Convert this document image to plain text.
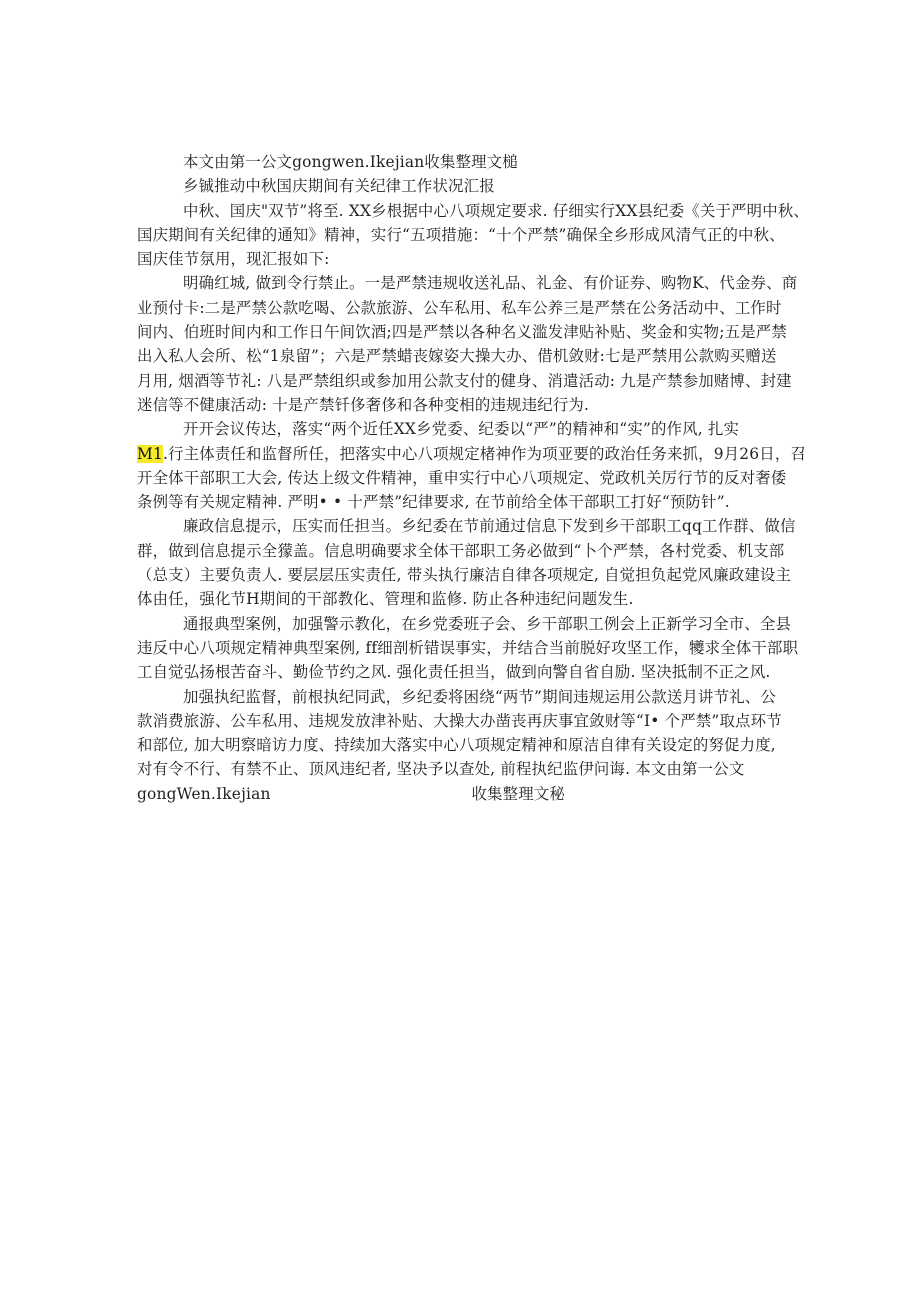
本文由第一公文gongwen.Ikejian收集整理文槌
乡铖推动中秋国庆期间有关纪律工作状况汇报
中秋、国庆"双节”将至. XX乡根据中心八项规定要求. 仔细实行XX县纪委《关于严明中秋、
国庆期间有关纪律的通知》精神，实行“五项措施：“十个严禁”确保全乡形成风清气正的中秋、
国庆佳节氛用，现汇报如下:
明确红城, 做到令行禁止。一是严禁违规收送礼品、礼金、有价证券、购物K、代金券、商
业预付卡:二是严禁公款吃喝、公款旅游、公车私用、私车公养三是严禁在公务活动中、工作时
间内、伯班时间内和工作日午间饮酒;四是严禁以各种名义滥发津贴补贴、奖金和实物;五是严禁
出入私人会所、松“1泉留”；六是严禁蜡丧嫁姿大操大办、借机敛财:七是严禁用公款购买赠送
月用, 烟酒等节礼: 八是严禁组织或参加用公款支付的健身、消遣活动: 九是产禁参加赌博、封建
迷信等不健康活动: 十是产禁钎侈奢侈和各种变相的违规违纪行为.
开开会议传达，落实“两个近任XX乡党委、纪委以“严”的精神和“实”的作风, 扎实
M1.行主体责任和监督所任，把落实中心八项规定楮神作为项亚要的政治任务来抓，9月26日，召
开全体干部职工大会, 传达上级文件精神，重申实行中心八项规定、党政机关厉行节的反对奢倭
条例等有关规定精神. 严明• • 十严禁”纪律要求, 在节前给全体干部职工打好“预防针”.
廉政信息提示，压实而任担当。乡纪委在节前通过信息下发到乡干部职工qq工作群、做信
群，做到信息提示全獴盖。信息明确要求全体干部职工务必做到“卜个严禁，各村党委、机支部
（总支）主要负责人. 要层层压实责任, 带头执行廉洁自律各项规定, 自觉担负起党风廉政建设主
体由任，强化节H期间的干部教化、管理和监修. 防止各种违纪问题发生.
通报典型案例，加强警示教化，在乡党委班子会、乡干部职工例会上正新学习全市、全县
违反中心八项规定精神典型案例, ff细剖析错误事实，并结合当前脱好攻坚工作，犪求全体干部职
工自觉弘扬根苦奋斗、勤俭节约之风. 强化责任担当，做到向警自省自励. 坚决抵制不正之风.
加强执纪监督，前根执纪同武，乡纪委将困绕“两节”期间违规运用公款送月讲节礼、公
款消费旅游、公车私用、违规发放津补贴、大操大办凿丧再庆事宜敛财等“I• 个严禁”取点环节
和部位, 加大明察暗访力度、持续加大落实中心八项规定精神和原洁自律有关设定的努促力度,
对有令不行、有禁不止、顶风违纪者, 坚决予以查处, 前程执纪监伊问诲. 本文由第一公文
gongWen.Ikejian	收集整理文秘
